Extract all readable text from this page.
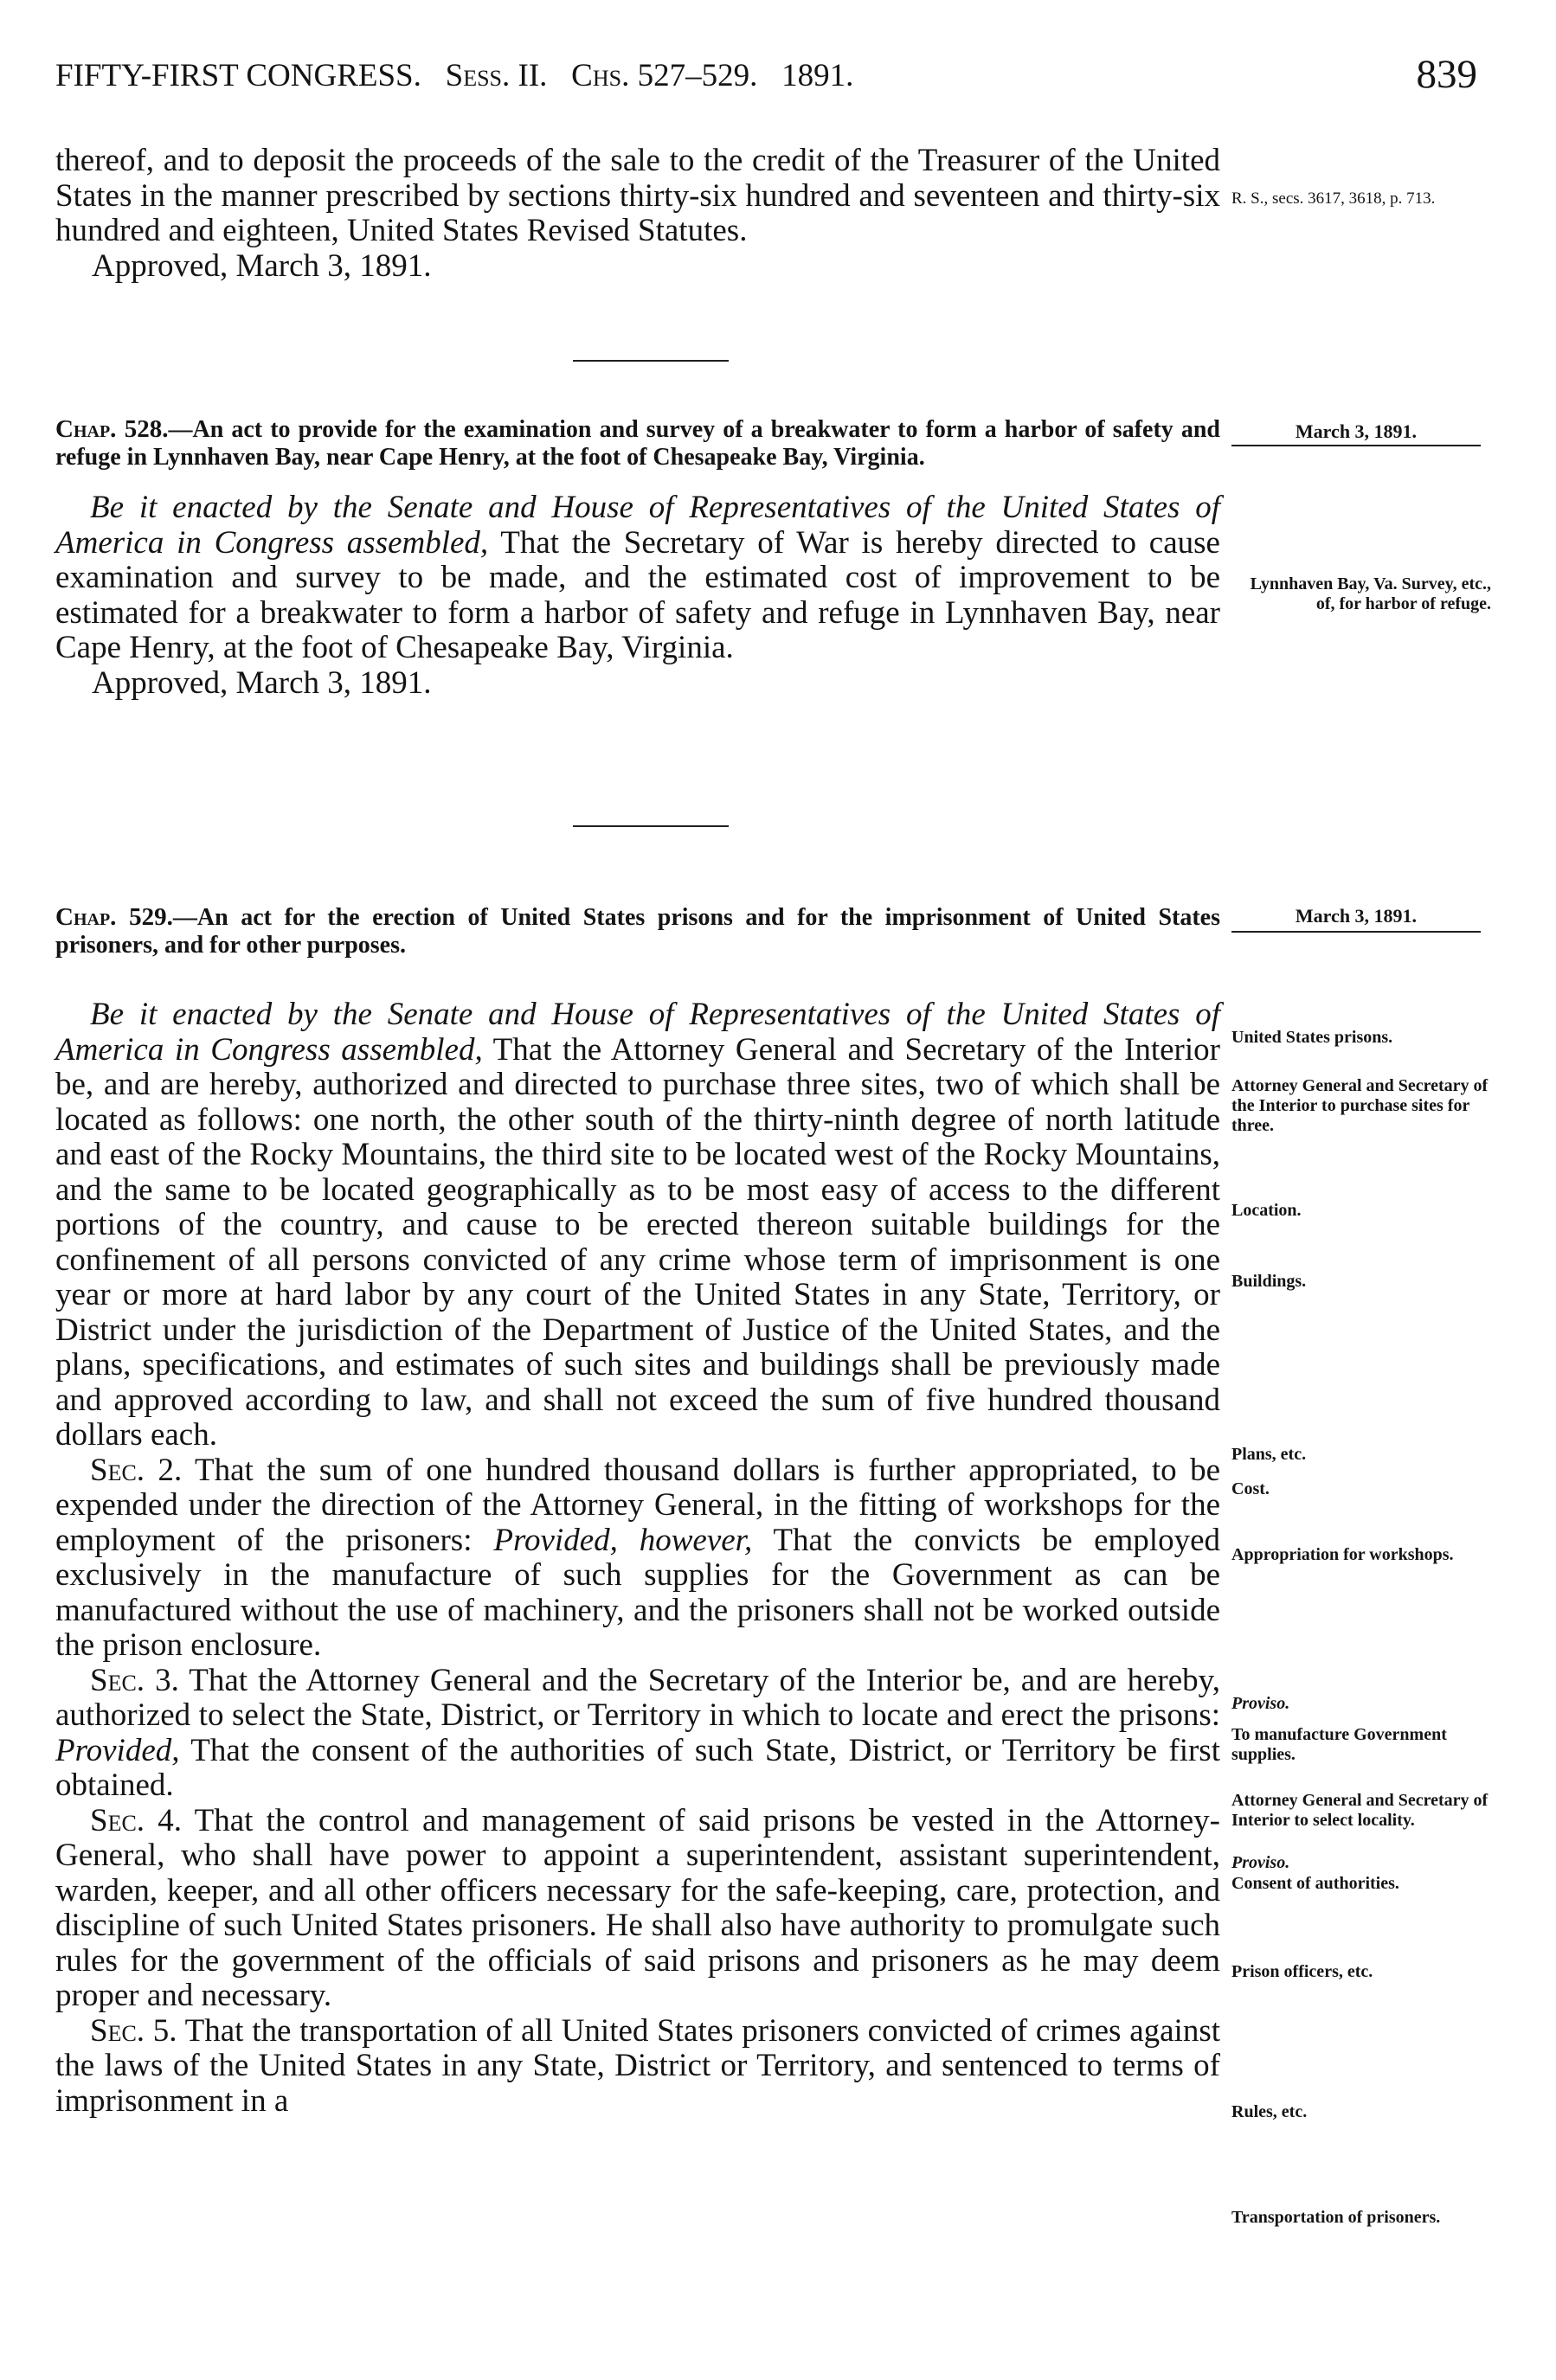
FIFTY-FIRST CONGRESS. Sess. II. Chs. 527–529. 1891.	839

thereof, and to deposit the proceeds of the sale to the credit of the Treasurer of the United States in the manner prescribed by sections thirty-six hundred and seventeen and thirty-six hundred and eighteen, United States Revised Statutes.

Approved, March 3, 1891.

R. S., secs. 3617, 3618, p. 713.

Chap. 528.—An act to provide for the examination and survey of a breakwater to form a harbor of safety and refuge in Lynnhaven Bay, near Cape Henry, at the foot of Chesapeake Bay, Virginia.

Be it enacted by the Senate and House of Representatives of the United States of America in Congress assembled, That the Secretary of War is hereby directed to cause examination and survey to be made, and the estimated cost of improvement to be estimated for a breakwater to form a harbor of safety and refuge in Lynnhaven Bay, near Cape Henry, at the foot of Chesapeake Bay, Virginia.

Approved, March 3, 1891.

March 3, 1891.
Lynnhaven Bay, Va. Survey, etc., of, for harbor of refuge.

Chap. 529.—An act for the erection of United States prisons and for the imprisonment of United States prisoners, and for other purposes.

Be it enacted by the Senate and House of Representatives of the United States of America in Congress assembled, That the Attorney General and Secretary of the Interior be, and are hereby, authorized and directed to purchase three sites, two of which shall be located as follows: one north, the other south of the thirty-ninth degree of north latitude and east of the Rocky Mountains, the third site to be located west of the Rocky Mountains, and the same to be located geographically as to be most easy of access to the different portions of the country, and cause to be erected thereon suitable buildings for the confinement of all persons convicted of any crime whose term of imprisonment is one year or more at hard labor by any court of the United States in any State, Territory, or District under the jurisdiction of the Department of Justice of the United States, and the plans, specifications, and estimates of such sites and buildings shall be previously made and approved according to law, and shall not exceed the sum of five hundred thousand dollars each.

Sec. 2. That the sum of one hundred thousand dollars is further appropriated, to be expended under the direction of the Attorney General, in the fitting of workshops for the employment of the prisoners: Provided, however, That the convicts be employed exclusively in the manufacture of such supplies for the Government as can be manufactured without the use of machinery, and the prisoners shall not be worked outside the prison enclosure.

Sec. 3. That the Attorney General and the Secretary of the Interior be, and are hereby, authorized to select the State, District, or Territory in which to locate and erect the prisons: Provided, That the consent of the authorities of such State, District, or Territory be first obtained.

Sec. 4. That the control and management of said prisons be vested in the Attorney-General, who shall have power to appoint a superintendent, assistant superintendent, warden, keeper, and all other officers necessary for the safe-keeping, care, protection, and discipline of such United States prisoners. He shall also have authority to promulgate such rules for the government of the officials of said prisons and prisoners as he may deem proper and necessary.

Sec. 5. That the transportation of all United States prisoners convicted of crimes against the laws of the United States in any State, District or Territory, and sentenced to terms of imprisonment in a

March 3, 1891.
United States prisons.
Attorney General and Secretary of the Interior to purchase sites for three.
Location.
Buildings.
Plans, etc.
Cost.
Appropriation for workshops.
Proviso.
To manufacture Government supplies.
Attorney General and Secretary of Interior to select locality.
Proviso.
Consent of authorities.
Prison officers, etc.
Rules, etc.
Transportation of prisoners.
